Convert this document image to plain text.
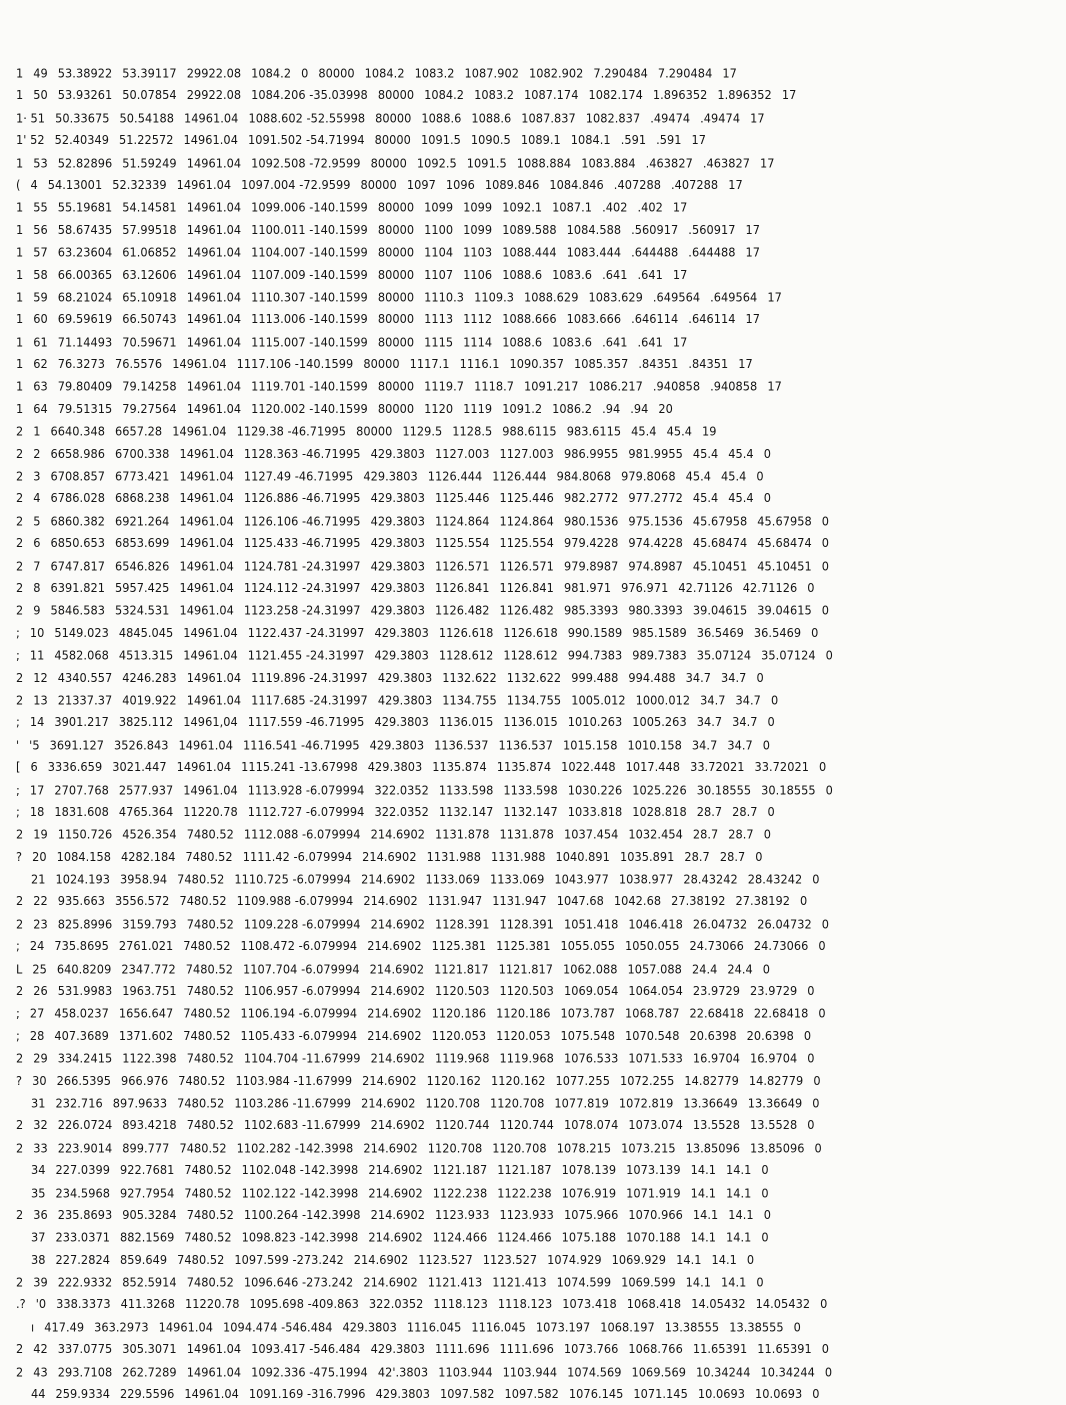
1 49 53.38922 53.39117 29922.08 1084.2 0 80000 1084.2 1083.2 1087.902 1082.902 7.290484 7.290484 17
1 50 53.93261 50.07854 29922.08 1084.206 -35.03998 80000 1084.2 1083.2 1087.174 1082.174 1.896352 1.896352 17
1· 51 50.33675 50.54188 14961.04 1088.602 -52.55998 80000 1088.6 1088.6 1087.837 1082.837 .49474 .49474 17
1' 52 52.40349 51.22572 14961.04 1091.502 -54.71994 80000 1091.5 1090.5 1089.1 1084.1 .591 .591 17
1 53 52.82896 51.59249 14961.04 1092.508 -72.9599 80000 1092.5 1091.5 1088.884 1083.884 .463827 .463827 17
( 4 54.13001 52.32339 14961.04 1097.004 -72.9599 80000 1097 1096 1089.846 1084.846 .407288 .407288 17
1 55 55.19681 54.14581 14961.04 1099.006 -140.1599 80000 1099 1099 1092.1 1087.1 .402 .402 17
1 56 58.67435 57.99518 14961.04 1100.011 -140.1599 80000 1100 1099 1089.588 1084.588 .560917 .560917 17
1 57 63.23604 61.06852 14961.04 1104.007 -140.1599 80000 1104 1103 1088.444 1083.444 .644488 .644488 17
1 58 66.00365 63.12606 14961.04 1107.009 -140.1599 80000 1107 1106 1088.6 1083.6 .641 .641 17
1 59 68.21024 65.10918 14961.04 1110.307 -140.1599 80000 1110.3 1109.3 1088.629 1083.629 .649564 .649564 17
1 60 69.59619 66.50743 14961.04 1113.006 -140.1599 80000 1113 1112 1088.666 1083.666 .646114 .646114 17
1 61 71.14493 70.59671 14961.04 1115.007 -140.1599 80000 1115 1114 1088.6 1083.6 .641 .641 17
1 62 76.3273 76.5576 14961.04 1117.106 -140.1599 80000 1117.1 1116.1 1090.357 1085.357 .84351 .84351 17
1 63 79.80409 79.14258 14961.04 1119.701 -140.1599 80000 1119.7 1118.7 1091.217 1086.217 .940858 .940858 17
1 64 79.51315 79.27564 14961.04 1120.002 -140.1599 80000 1120 1119 1091.2 1086.2 .94 .94 20
2 1 6640.348 6657.28 14961.04 1129.38 -46.71995 80000 1129.5 1128.5 988.6115 983.6115 45.4 45.4 19
2 2 6658.986 6700.338 14961.04 1128.363 -46.71995 429.3803 1127.003 1127.003 986.9955 981.9955 45.4 45.4 0
2 3 6708.857 6773.421 14961.04 1127.49 -46.71995 429.3803 1126.444 1126.444 984.8068 979.8068 45.4 45.4 0
2 4 6786.028 6868.238 14961.04 1126.886 -46.71995 429.3803 1125.446 1125.446 982.2772 977.2772 45.4 45.4 0
2 5 6860.382 6921.264 14961.04 1126.106 -46.71995 429.3803 1124.864 1124.864 980.1536 975.1536 45.67958 45.67958 0
2 6 6850.653 6853.699 14961.04 1125.433 -46.71995 429.3803 1125.554 1125.554 979.4228 974.4228 45.68474 45.68474 0
2 7 6747.817 6546.826 14961.04 1124.781 -24.31997 429.3803 1126.571 1126.571 979.8987 974.8987 45.10451 45.10451 0
2 8 6391.821 5957.425 14961.04 1124.112 -24.31997 429.3803 1126.841 1126.841 981.971 976.971 42.71126 42.71126 0
2 9 5846.583 5324.531 14961.04 1123.258 -24.31997 429.3803 1126.482 1126.482 985.3393 980.3393 39.04615 39.04615 0
; 10 5149.023 4845.045 14961.04 1122.437 -24.31997 429.3803 1126.618 1126.618 990.1589 985.1589 36.5469 36.5469 0
; 11 4582.068 4513.315 14961.04 1121.455 -24.31997 429.3803 1128.612 1128.612 994.7383 989.7383 35.07124 35.07124 0
2 12 4340.557 4246.283 14961.04 1119.896 -24.31997 429.3803 1132.622 1132.622 999.488 994.488 34.7 34.7 0
2 13 21337.37 4019.922 14961.04 1117.685 -24.31997 429.3803 1134.755 1134.755 1005.012 1000.012 34.7 34.7 0
; 14 3901.217 3825.112 14961,04 1117.559 -46.71995 429.3803 1136.015 1136.015 1010.263 1005.263 34.7 34.7 0
' '5 3691.127 3526.843 14961.04 1116.541 -46.71995 429.3803 1136.537 1136.537 1015.158 1010.158 34.7 34.7 0
[ 6 3336.659 3021.447 14961.04 1115.241 -13.67998 429.3803 1135.874 1135.874 1022.448 1017.448 33.72021 33.72021 0
; 17 2707.768 2577.937 14961.04 1113.928 -6.079994 322.0352 1133.598 1133.598 1030.226 1025.226 30.18555 30.18555 0
; 18 1831.608 4765.364 11220.78 1112.727 -6.079994 322.0352 1132.147 1132.147 1033.818 1028.818 28.7 28.7 0
2 19 1150.726 4526.354 7480.52 1112.088 -6.079994 214.6902 1131.878 1131.878 1037.454 1032.454 28.7 28.7 0
? 20 1084.158 4282.184 7480.52 1111.42 -6.079994 214.6902 1131.988 1131.988 1040.891 1035.891 28.7 28.7 0
21 1024.193 3958.94 7480.52 1110.725 -6.079994 214.6902 1133.069 1133.069 1043.977 1038.977 28.43242 28.43242 0
2 22 935.663 3556.572 7480.52 1109.988 -6.079994 214.6902 1131.947 1131.947 1047.68 1042.68 27.38192 27.38192 0
2 23 825.8996 3159.793 7480.52 1109.228 -6.079994 214.6902 1128.391 1128.391 1051.418 1046.418 26.04732 26.04732 0
; 24 735.8695 2761.021 7480.52 1108.472 -6.079994 214.6902 1125.381 1125.381 1055.055 1050.055 24.73066 24.73066 0
L 25 640.8209 2347.772 7480.52 1107.704 -6.079994 214.6902 1121.817 1121.817 1062.088 1057.088 24.4 24.4 0
2 26 531.9983 1963.751 7480.52 1106.957 -6.079994 214.6902 1120.503 1120.503 1069.054 1064.054 23.9729 23.9729 0
; 27 458.0237 1656.647 7480.52 1106.194 -6.079994 214.6902 1120.186 1120.186 1073.787 1068.787 22.68418 22.68418 0
; 28 407.3689 1371.602 7480.52 1105.433 -6.079994 214.6902 1120.053 1120.053 1075.548 1070.548 20.6398 20.6398 0
2 29 334.2415 1122.398 7480.52 1104.704 -11.67999 214.6902 1119.968 1119.968 1076.533 1071.533 16.9704 16.9704 0
? 30 266.5395 966.976 7480.52 1103.984 -11.67999 214.6902 1120.162 1120.162 1077.255 1072.255 14.82779 14.82779 0
31 232.716 897.9633 7480.52 1103.286 -11.67999 214.6902 1120.708 1120.708 1077.819 1072.819 13.36649 13.36649 0
2 32 226.0724 893.4218 7480.52 1102.683 -11.67999 214.6902 1120.744 1120.744 1078.074 1073.074 13.5528 13.5528 0
2 33 223.9014 899.777 7480.52 1102.282 -142.3998 214.6902 1120.708 1120.708 1078.215 1073.215 13.85096 13.85096 0
34 227.0399 922.7681 7480.52 1102.048 -142.3998 214.6902 1121.187 1121.187 1078.139 1073.139 14.1 14.1 0
35 234.5968 927.7954 7480.52 1102.122 -142.3998 214.6902 1122.238 1122.238 1076.919 1071.919 14.1 14.1 0
2 36 235.8693 905.3284 7480.52 1100.264 -142.3998 214.6902 1123.933 1123.933 1075.966 1070.966 14.1 14.1 0
37 233.0371 882.1569 7480.52 1098.823 -142.3998 214.6902 1124.466 1124.466 1075.188 1070.188 14.1 14.1 0
38 227.2824 859.649 7480.52 1097.599 -273.242 214.6902 1123.527 1123.527 1074.929 1069.929 14.1 14.1 0
2 39 222.9332 852.5914 7480.52 1096.646 -273.242 214.6902 1121.413 1121.413 1074.599 1069.599 14.1 14.1 0
.? '0 338.3373 411.3268 11220.78 1095.698 -409.863 322.0352 1118.123 1118.123 1073.418 1068.418 14.05432 14.05432 0
ı 417.49 363.2973 14961.04 1094.474 -546.484 429.3803 1116.045 1116.045 1073.197 1068.197 13.38555 13.38555 0
2 42 337.0775 305.3071 14961.04 1093.417 -546.484 429.3803 1111.696 1111.696 1073.766 1068.766 11.65391 11.65391 0
2 43 293.7108 262.7289 14961.04 1092.336 -475.1994 42'.3803 1103.944 1103.944 1074.569 1069.569 10.34244 10.34244 0
44 259.9334 229.5596 14961.04 1091.169 -316.7996 429.3803 1097.582 1097.582 1076.145 1071.145 10.0693 10.0693 0
